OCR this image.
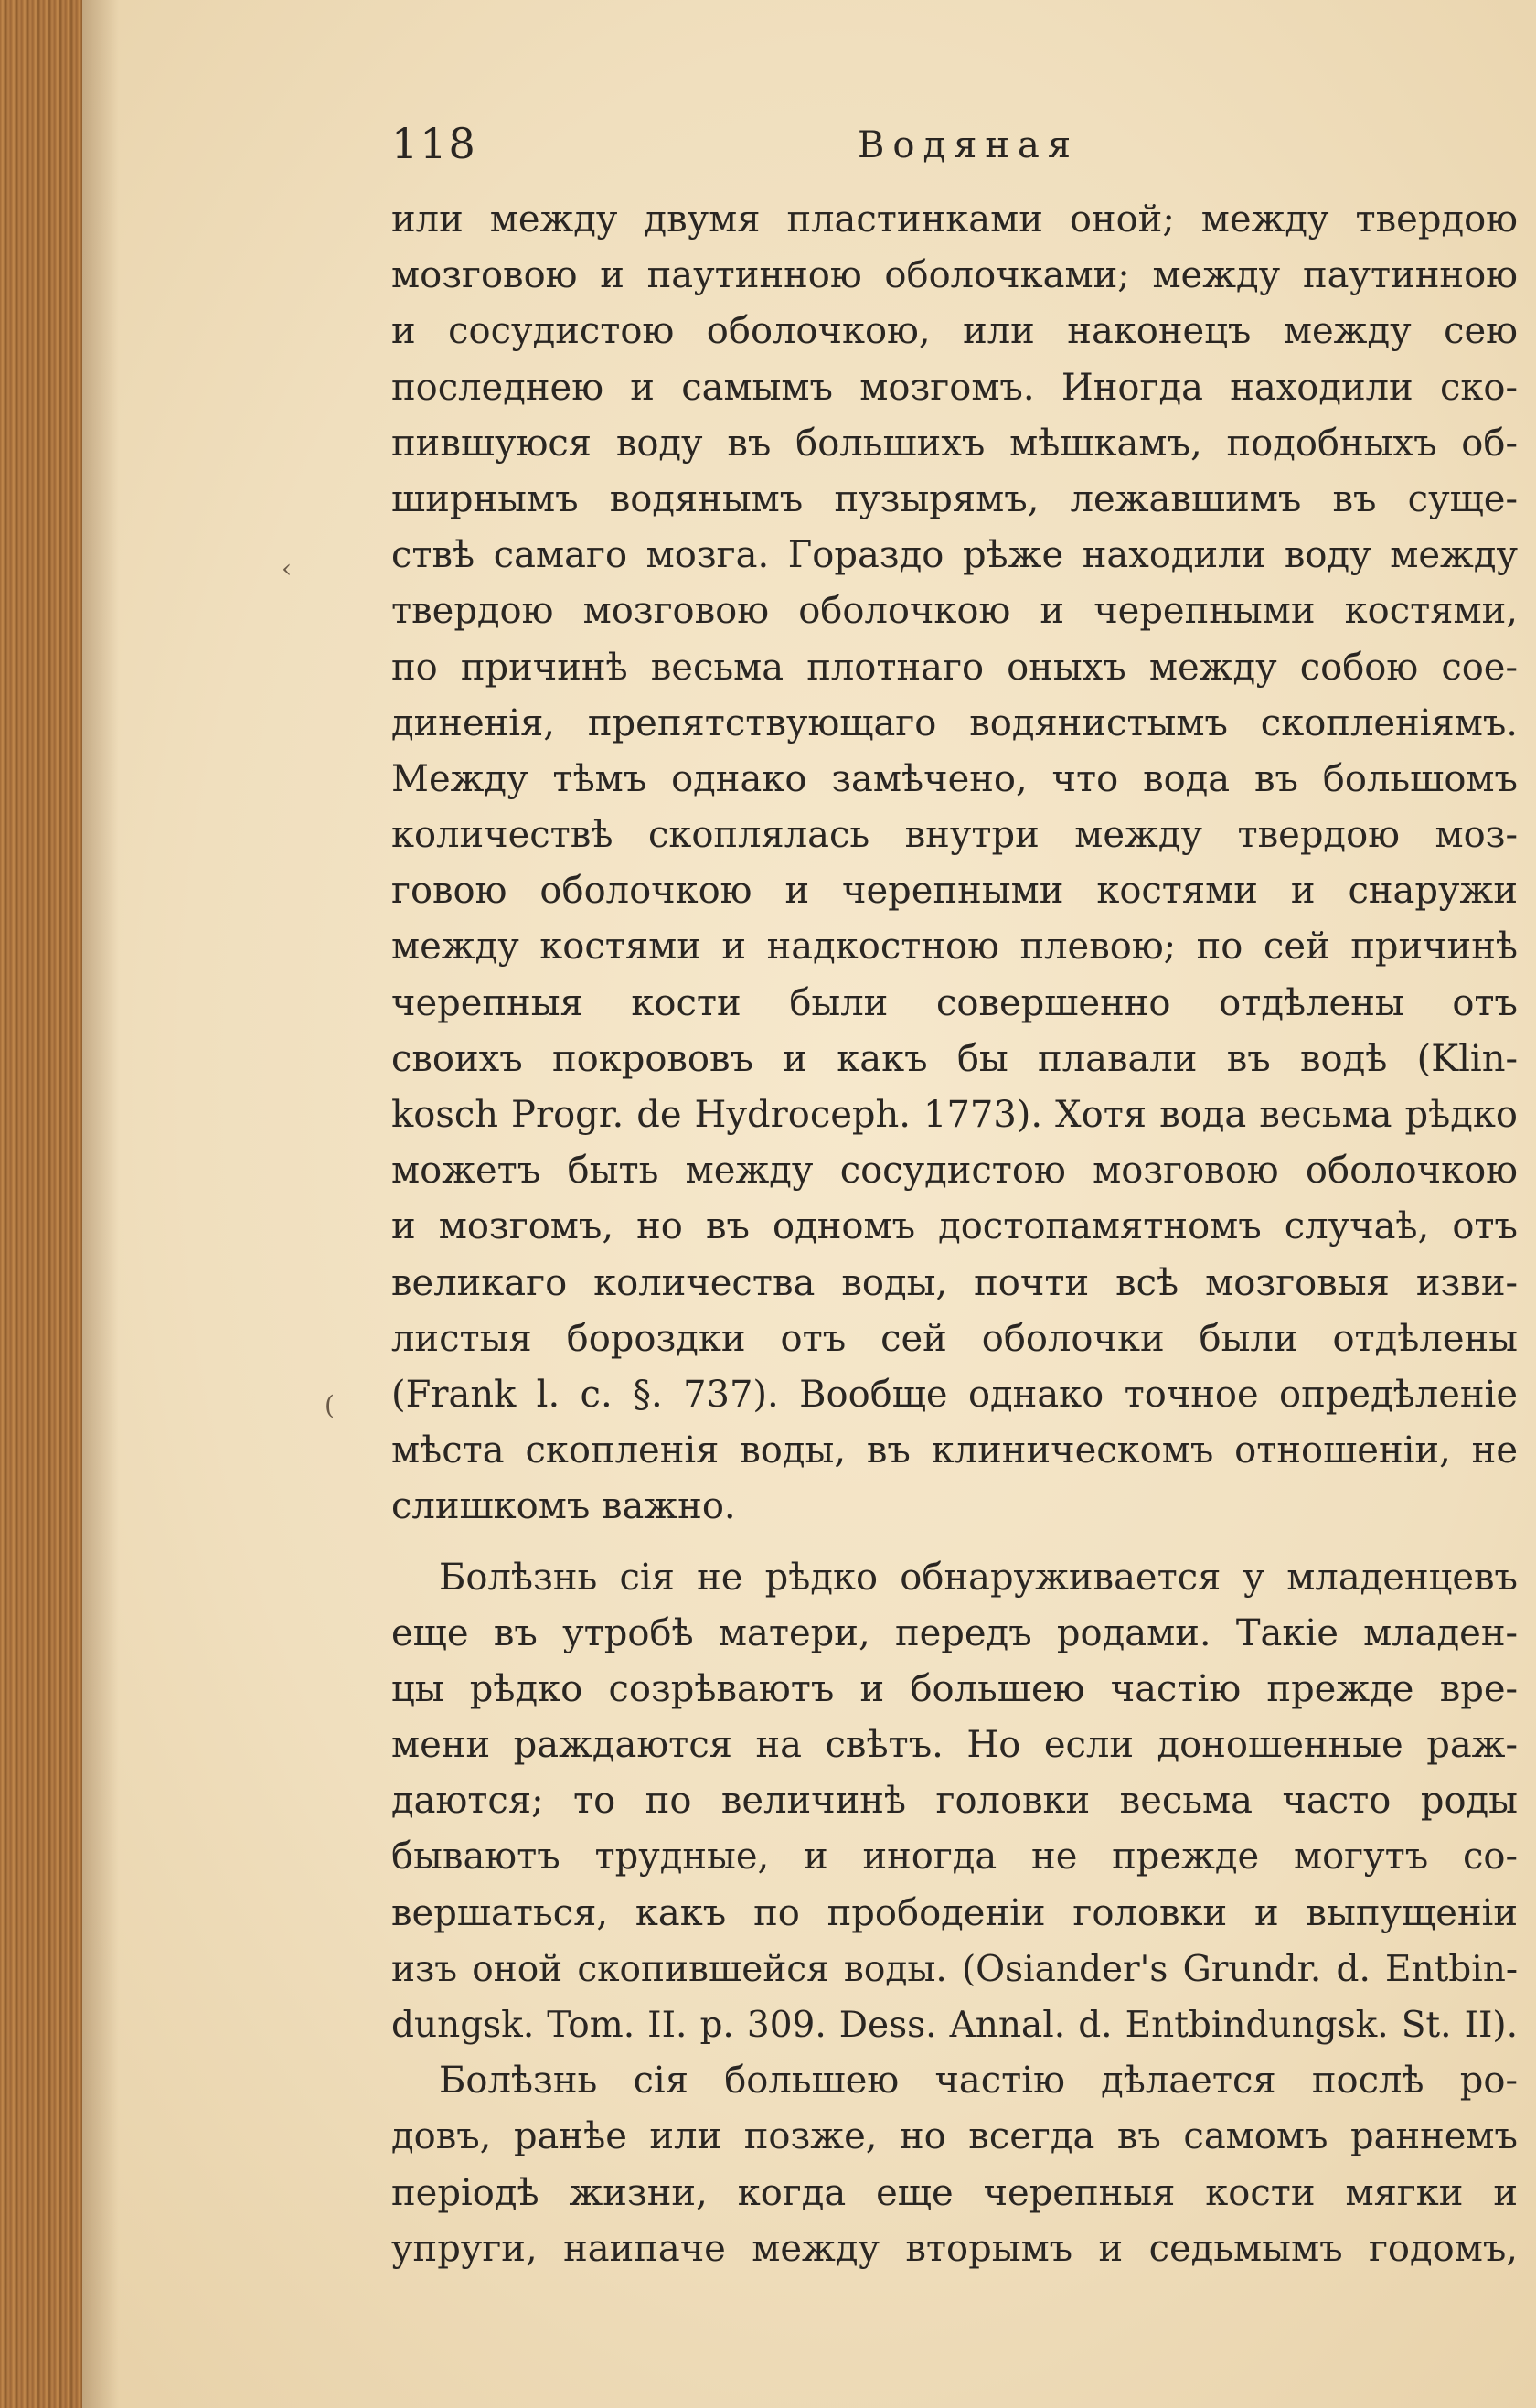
‹
(
118	Водяная
или между двумя пластинками оной; между твердою
мозговою и паутинною оболочками; между паутинною
и сосудистою оболочкою, или наконецъ между сею
последнею и самымъ мозгомъ. Иногда находили ско-
пившуюся воду въ большихъ мѣшкамъ, подобныхъ об-
ширнымъ водянымъ пузырямъ, лежавшимъ въ суще-
ствѣ самаго мозга. Гораздо рѣже находили воду между
твердою мозговою оболочкою и черепными костями,
по причинѣ весьма плотнаго оныхъ между собою сое-
диненія, препятствующаго водянистымъ скопленіямъ.
Между тѣмъ однако замѣчено, что вода въ большомъ
количествѣ скоплялась внутри между твердою моз-
говою оболочкою и черепными костями и снаружи
между костями и надкостною плевою; по сей причинѣ
черепныя кости были совершенно отдѣлены отъ
своихъ покрововъ и какъ бы плавали въ водѣ (Klin-
kosch Progr. de Hydroceph. 1773). Хотя вода весьма рѣдко
можетъ быть между сосудистою мозговою оболочкою
и мозгомъ, но въ одномъ достопамятномъ случаѣ, отъ
великаго количества воды, почти всѣ мозговыя изви-
листыя бороздки отъ сей оболочки были отдѣлены
(Frank l. c. §. 737). Вообще однако точное опредѣленіе
мѣста скопленія воды, въ клиническомъ отношеніи, не
слишкомъ важно.
Болѣзнь сія не рѣдко обнаруживается у младенцевъ
еще въ утробѣ матери, передъ родами. Такіе младен-
цы рѣдко созрѣваютъ и большею частію прежде вре-
мени раждаются на свѣтъ. Но если доношенные раж-
даются; то по величинѣ головки весьма часто роды
бываютъ трудные, и иногда не прежде могутъ со-
вершаться, какъ по прободеніи головки и выпущеніи
изъ оной скопившейся воды. (Osiander's Grundr. d. Entbin-
dungsk. Tom. II. p. 309. Dess. Annal. d. Entbindungsk. St. II).
Болѣзнь сія большею частію дѣлается послѣ ро-
довъ, ранѣе или позже, но всегда въ самомъ раннемъ
періодѣ жизни, когда еще черепныя кости мягки и
упруги, наипаче между вторымъ и седьмымъ годомъ,
